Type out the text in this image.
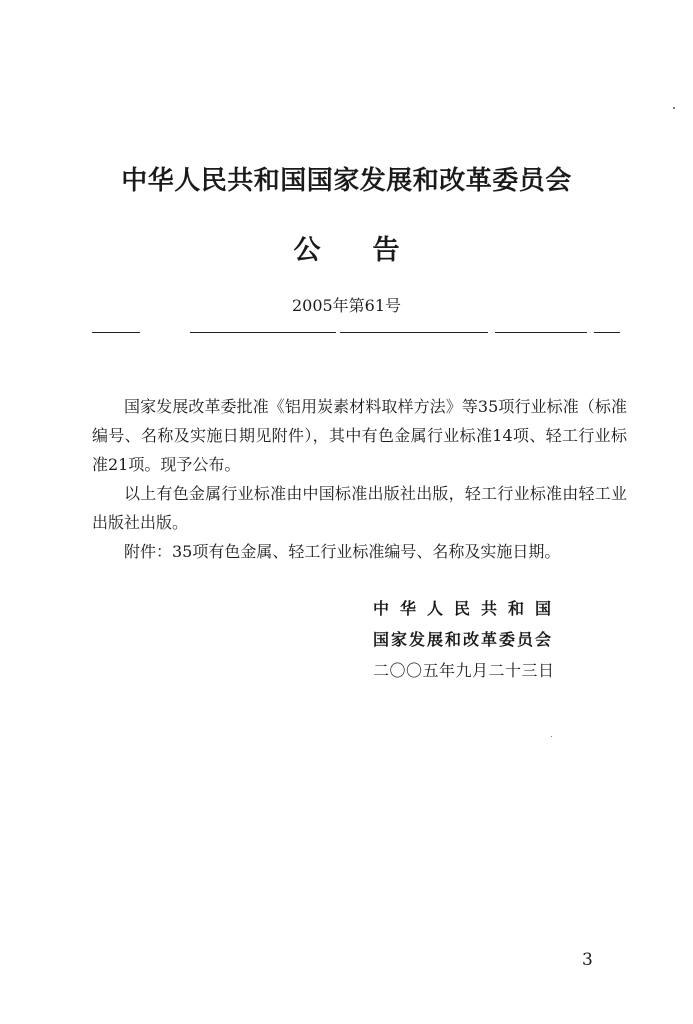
中华人民共和国国家发展和改革委员会
公告
2005年第61号

国家发展改革委批准《铝用炭素材料取样方法》等35项行业标准（标准编号、名称及实施日期见附件），其中有色金属行业标准14项、轻工行业标准21项。现予公布。

以上有色金属行业标准由中国标准出版社出版，轻工行业标准由轻工业出版社出版。

附件：35项有色金属、轻工行业标准编号、名称及实施日期。

中华人民共和国
国家发展和改革委员会
二〇〇五年九月二十三日
3
